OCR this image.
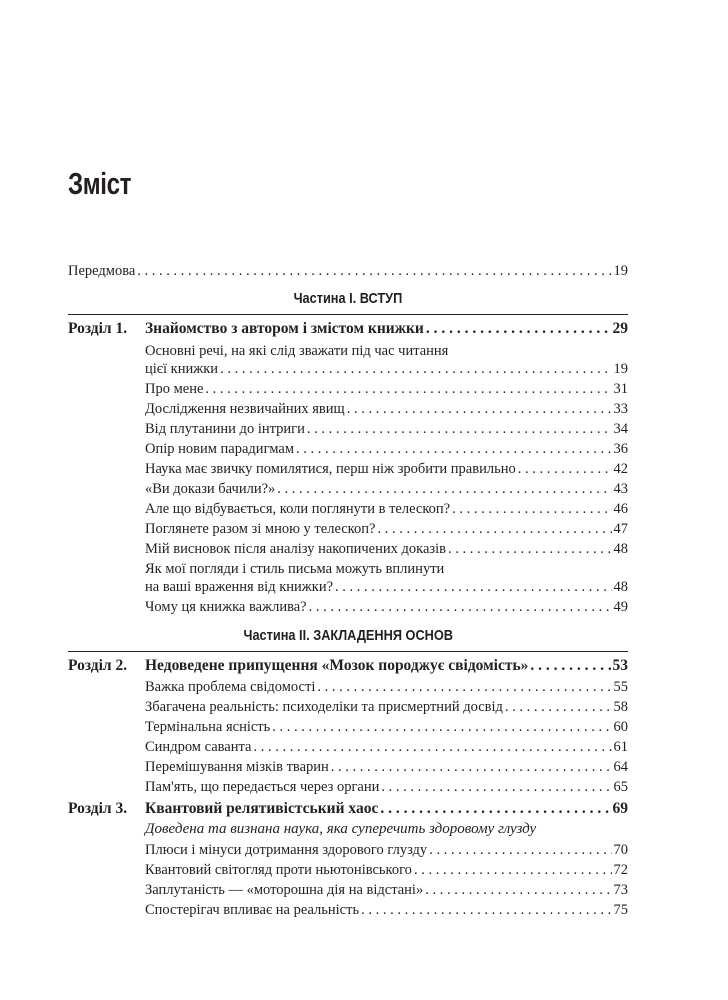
Зміст
Передмова . . .	19
Частина I. ВСТУП
Розділ 1. Знайомство з автором і змістом книжки . . .	29
Основні речі, на які слід зважати під час читання
цієї книжки . . .	19
Про мене . . .	31
Дослідження незвичайних явищ . . .	33
Від плутанини до інтриги . . .	34
Опір новим парадигмам . . .	36
Наука має звичку помилятися, перш ніж зробити правильно . . .	42
«Ви докази бачили?» . . .	43
Але що відбувається, коли поглянути в телескоп? . . .	46
Поглянете разом зі мною у телескоп? . . .	47
Мій висновок після аналізу накопичених доказів . . .	48
Як мої погляди і стиль письма можуть вплинути
на ваші враження від книжки? . . .	48
Чому ця книжка важлива? . . .	49
Частина II. ЗАКЛАДЕННЯ ОСНОВ
Розділ 2. Недоведене припущення «Мозок породжує свідомість» . . .	53
Важка проблема свідомості . . .	55
Збагачена реальність: психоделіки та присмертний досвід . . .	58
Термінальна ясність . . .	60
Синдром саванта . . .	61
Перемішування мізків тварин . . .	64
Пам'ять, що передається через органи . . .	65
Розділ 3. Квантовий релятивістський хаос . . .	69
Доведена та визнана наука, яка суперечить здоровому глузду
Плюси і мінуси дотримання здорового глузду . . .	70
Квантовий світогляд проти ньютонівського . . .	72
Заплутаність — «моторошна дія на відстані» . . .	73
Спостерігач впливає на реальність . . .	75
